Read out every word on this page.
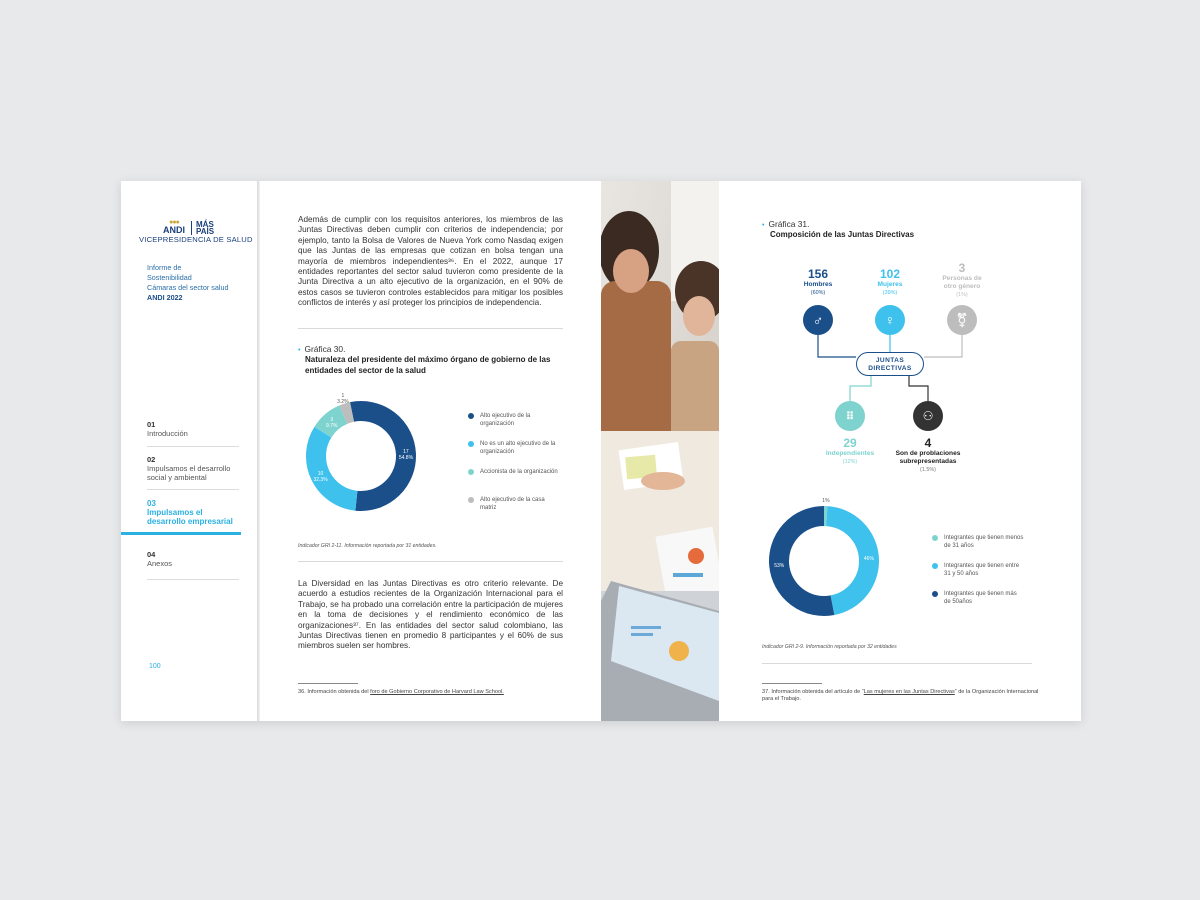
●●●
ANDI
MÁS
PAÍS
VICEPRESIDENCIA DE SALUD
Informe de
Sostenibilidad
Cámaras del sector salud
ANDI 2022
01
Introducción
02
Impulsamos el desarrollo social y ambiental
03
Impulsamos el desarrollo empresarial
04
Anexos
100
Además de cumplir con los requisitos anteriores, los miembros de las Juntas Directivas deben cumplir con criterios de independencia; por ejemplo, tanto la Bolsa de Valores de Nueva York como Nasdaq exigen que las Juntas de las empresas que cotizan en bolsa tengan una mayoría de miembros independientes³⁶. En el 2022, aunque 17 entidades reportantes del sector salud tuvieron como presidente de la Junta Directiva a un alto ejecutivo de la organización, en el 90% de estos casos se tuvieron controles establecidos para mitigar los posibles conflictos de interés y así proteger los principios de independencia.
• Gráfica 30.
Naturaleza del presidente del máximo órgano de gobierno de las entidades del sector de la salud
17 54.8%
10 32.3%
3 9.7%
1 3.2%
Alto ejecutivo de la organización
No es un alto ejecutivo de la organización
Accionista de la organización
Alto ejecutivo de la casa matriz
Indicador GRI 2-11. Información reportada por 31 entidades.
La Diversidad en las Juntas Directivas es otro criterio relevante. De acuerdo a estudios recientes de la Organización Internacional para el Trabajo, se ha probado una correlación entre la participación de mujeres en la toma de decisiones y el rendimiento económico de las organizaciones³⁷. En las entidades del sector salud colombiano, las Juntas Directivas tienen en promedio 8 participantes y el 60% de sus miembros suelen ser hombres.
36. Información obtenida del foro de Gobierno Corporativo de Harvard Law School.
• Gráfica 31.
Composición de las Juntas Directivas
156
Hombres
(60%)
102
Mujeres
(39%)
3
Personas de otro género
(1%)
♂	♀	⚧
JUNTAS
DIRECTIVAS
⠿	⚇
29
Independientes
(12%)
4
Son de problaciones subrepresentadas
(1.5%)
1%
46%
53%
Integrantes que tienen menos de 31 años
Integrantes que tienen entre 31 y 50 años
Integrantes que tienen más de 50años
Indicador GRI 2-9. Información reportada por 32 entidades
37. Información obtenida del artículo de “Las mujeres en las Juntas Directivas” de la Organización Internacional para el Trabajo.
